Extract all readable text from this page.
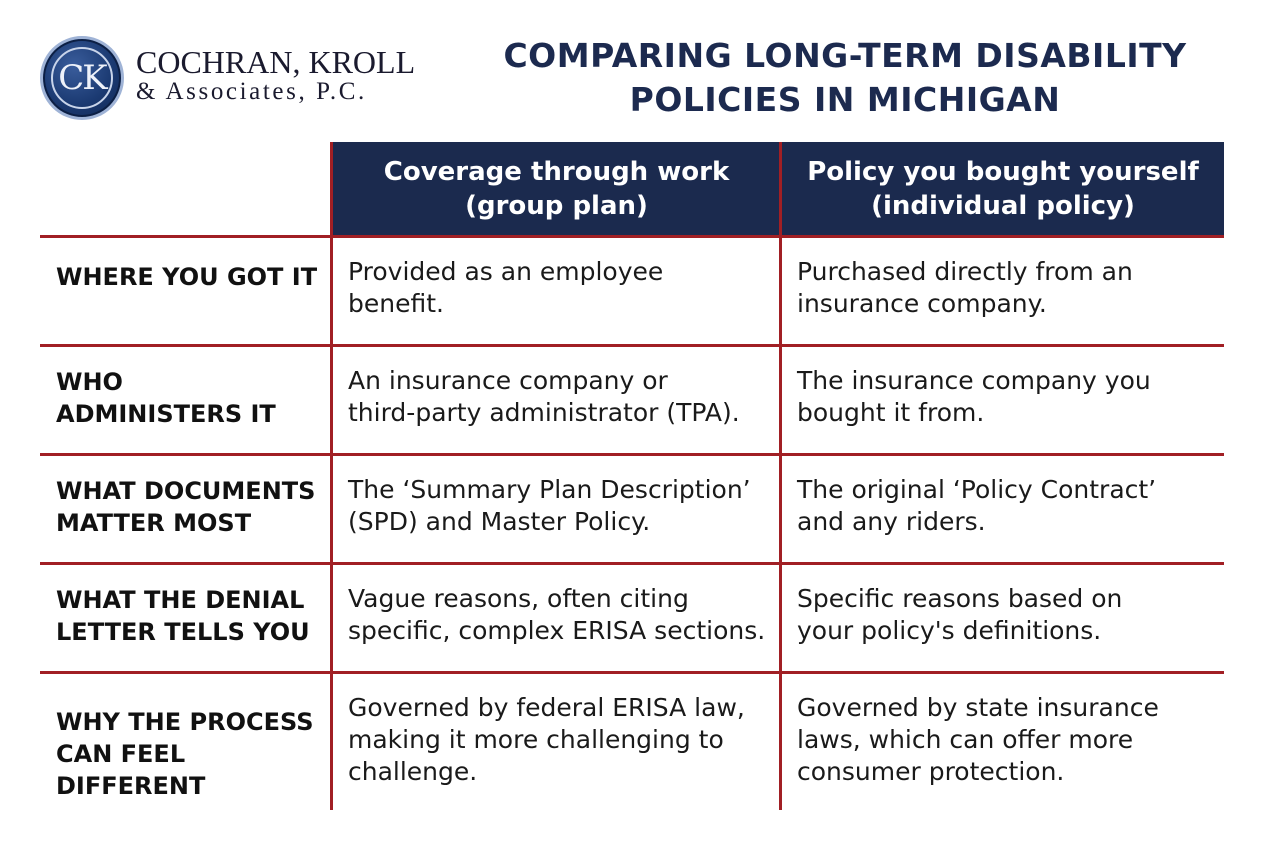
CK COCHRAN, KROLL
& Associates, P.C.
COMPARING LONG-TERM DISABILITY
POLICIES IN MICHIGAN
Coverage through work
(group plan)
Policy you bought yourself
(individual policy)
WHERE YOU GOT IT	Provided as an employee
benefit.
Purchased directly from an
insurance company.
WHO
ADMINISTERS IT
An insurance company or
third-party administrator (TPA).
The insurance company you
bought it from.
WHAT DOCUMENTS
MATTER MOST
The ‘Summary Plan Description’
(SPD) and Master Policy.
The original ‘Policy Contract’
and any riders.
WHAT THE DENIAL
LETTER TELLS YOU
Vague reasons, often citing
specific, complex ERISA sections.
Specific reasons based on
your policy's definitions.
WHY THE PROCESS
CAN FEEL
DIFFERENT
Governed by federal ERISA law,
making it more challenging to
challenge.
Governed by state insurance
laws, which can offer more
consumer protection.
